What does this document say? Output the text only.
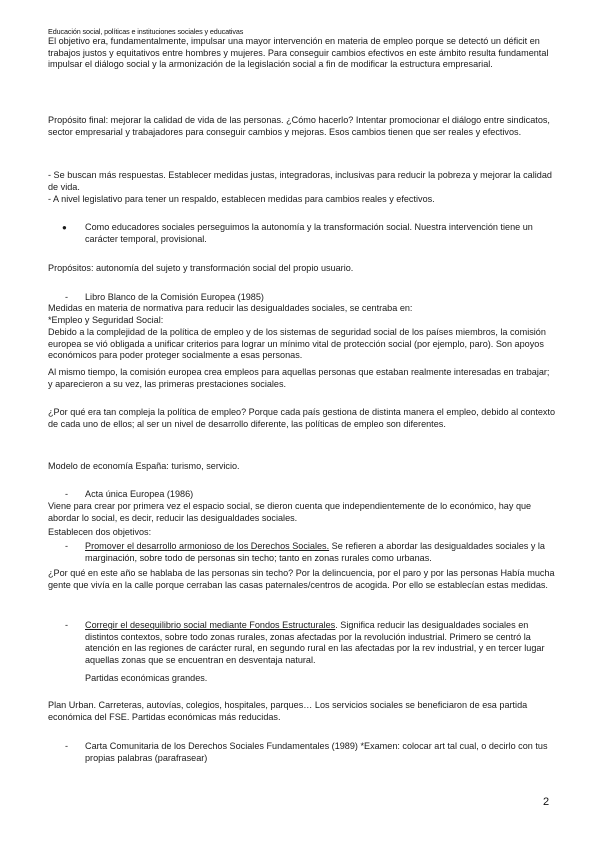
Educación social, políticas e instituciones sociales y educativas
El objetivo era, fundamentalmente, impulsar una mayor intervención en materia de empleo porque se detectó un déficit en trabajos justos y equitativos entre hombres y mujeres. Para conseguir cambios efectivos en este ámbito resulta fundamental impulsar el diálogo social y la armonización de la legislación social a fin de modificar la estructura empresarial.
Propósito final: mejorar la calidad de vida de las personas. ¿Cómo hacerlo? Intentar promocionar el diálogo entre sindicatos, sector empresarial y trabajadores para conseguir cambios y mejoras. Esos cambios tienen que ser reales y efectivos.
- Se buscan más respuestas. Establecer medidas justas, integradoras, inclusivas para reducir la pobreza y mejorar la calidad de vida.
- A nivel legislativo para tener un respaldo, establecen medidas para cambios reales y efectivos.
● Como educadores sociales perseguimos la autonomía y la transformación social. Nuestra intervención tiene un carácter temporal, provisional.
Propósitos: autonomía del sujeto y transformación social del propio usuario.
- Libro Blanco de la Comisión Europea (1985)
Medidas en materia de normativa para reducir las desigualdades sociales, se centraba en:
*Empleo y Seguridad Social:
Debido a la complejidad de la política de empleo y de los sistemas de seguridad social de los países miembros, la comisión europea se vió obligada a unificar criterios para lograr un mínimo vital de protección social (por ejemplo, paro). Son apoyos económicos para poder proteger socialmente a esas personas.
Al mismo tiempo, la comisión europea crea empleos para aquellas personas que estaban realmente interesadas en trabajar; y aparecieron a su vez, las primeras prestaciones sociales.
¿Por qué era tan compleja la política de empleo? Porque cada país gestiona de distinta manera el empleo, debido al contexto de cada uno de ellos; al ser un nivel de desarrollo diferente, las políticas de empleo son diferentes.
Modelo de economía España: turismo, servicio.
- Acta única Europea (1986)
Viene para crear por primera vez el espacio social, se dieron cuenta que independientemente de lo económico, hay que abordar lo social, es decir, reducir las desigualdades sociales.
Establecen dos objetivos:
- Promover el desarrollo armonioso de los Derechos Sociales. Se refieren a abordar las desigualdades sociales y la marginación, sobre todo de personas sin techo; tanto en zonas rurales como urbanas.
¿Por qué en este año se hablaba de las personas sin techo? Por la delincuencia, por el paro y por las personas Había mucha gente que vivía en la calle porque cerraban las casas paternales/centros de acogida. Por ello se establecían estas medidas.
- Corregir el desequilibrio social mediante Fondos Estructurales. Significa reducir las desigualdades sociales en distintos contextos, sobre todo zonas rurales, zonas afectadas por la revolución industrial. Primero se centró la atención en las regiones de carácter rural, en segundo rural en las afectadas por la rev industrial, y en tercer lugar aquellas zonas que se encuentran en desventaja natural.
Partidas económicas grandes.
Plan Urban. Carreteras, autovías, colegios, hospitales, parques… Los servicios sociales se beneficiaron de esa partida económica del FSE. Partidas económicas más reducidas.
- Carta Comunitaria de los Derechos Sociales Fundamentales (1989) *Examen: colocar art tal cual, o decirlo con tus propias palabras (parafrasear)
2
